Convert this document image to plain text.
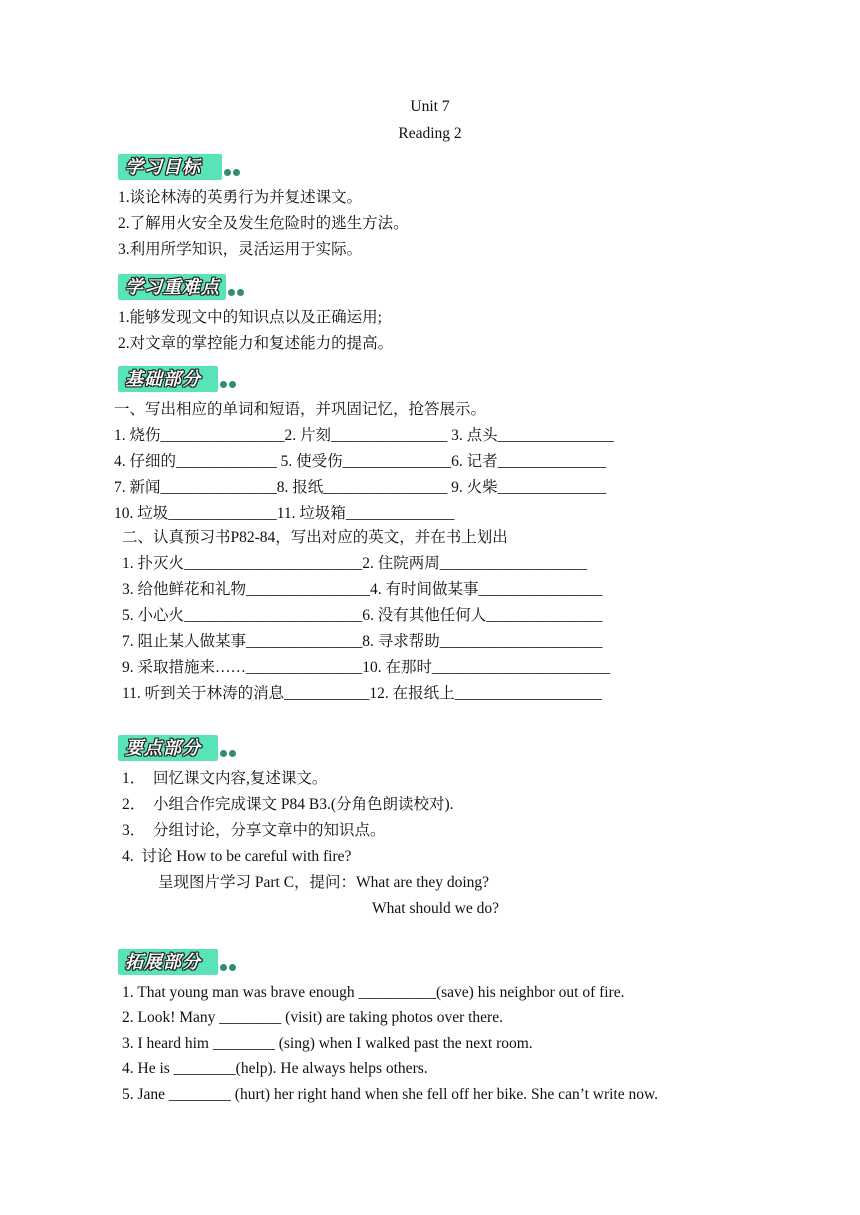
Unit 7
Reading 2
学习目标
1.谈论林涛的英勇行为并复述课文。
2.了解用火安全及发生危险时的逃生方法。
3.利用所学知识，灵活运用于实际。
学习重难点
1.能够发现文中的知识点以及正确运用;
2.对文章的掌控能力和复述能力的提高。
基础部分
一、写出相应的单词和短语，并巩固记忆，抢答展示。
1. 烧伤________________2. 片刻_______________ 3. 点头_______________
4. 仔细的_____________ 5. 使受伤______________6. 记者______________
7. 新闻_______________8. 报纸________________ 9. 火柴______________
10. 垃圾______________11. 垃圾箱______________
二、认真预习书P82-84，写出对应的英文，并在书上划出
1. 扑灭火_______________________2. 住院两周___________________
3. 给他鲜花和礼物________________4. 有时间做某事________________
5. 小心火_______________________6. 没有其他任何人_______________
7. 阻止某人做某事_______________8. 寻求帮助_____________________
9. 采取措施来……_______________10. 在那时_______________________
11. 听到关于林涛的消息___________12. 在报纸上___________________
要点部分
1．  回忆课文内容,复述课文。
2．  小组合作完成课文 P84 B3.(分角色朗读校对).
3．  分组讨论，分享文章中的知识点。
4.  讨论 How to be careful with fire?
呈现图片学习 Part C，提问：What are they doing?
What should we do?
拓展部分
1. That young man was brave enough __________(save) his neighbor out of fire.
2. Look! Many ________ (visit) are taking photos over there.
3. I heard him ________ (sing) when I walked past the next room.
4. He is ________(help). He always helps others.
5. Jane ________ (hurt) her right hand when she fell off her bike. She can’t write now.
